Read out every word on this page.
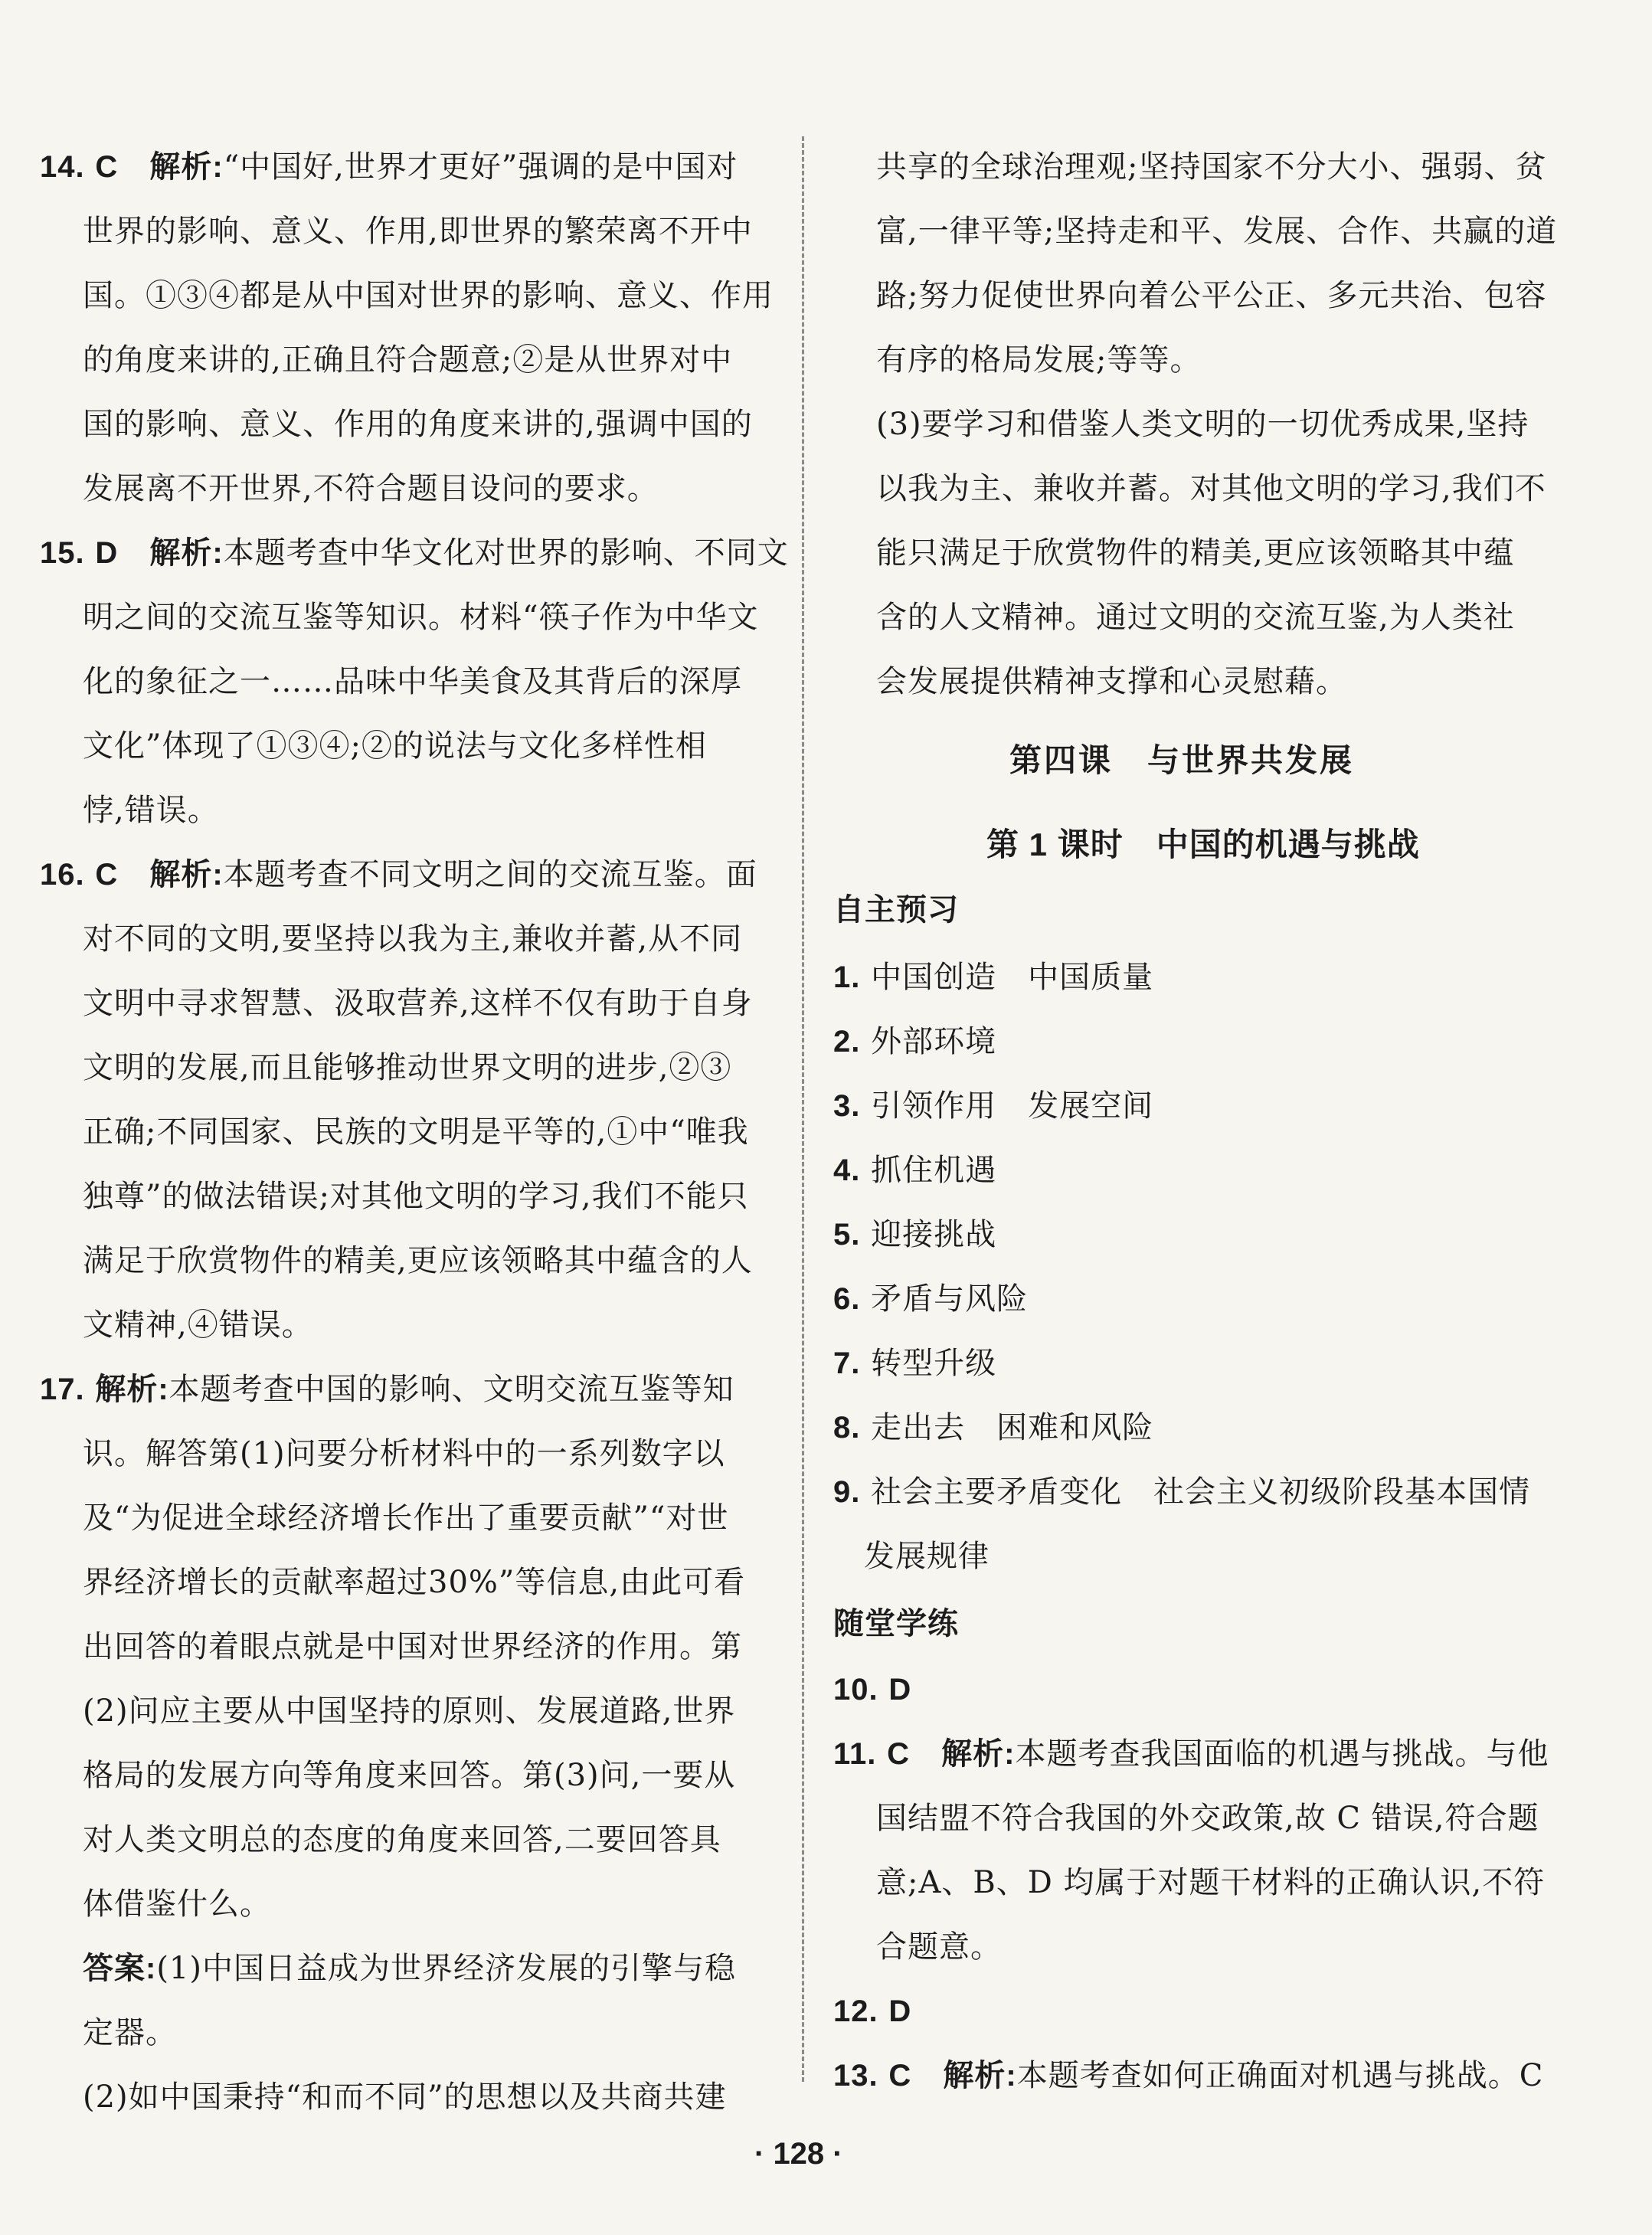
14. C 解析:“中国好,世界才更好”强调的是中国对
世界的影响、意义、作用,即世界的繁荣离不开中
国。①③④都是从中国对世界的影响、意义、作用
的角度来讲的,正确且符合题意;②是从世界对中
国的影响、意义、作用的角度来讲的,强调中国的
发展离不开世界,不符合题目设问的要求。
15. D 解析:本题考查中华文化对世界的影响、不同文
明之间的交流互鉴等知识。材料“筷子作为中华文
化的象征之一……品味中华美食及其背后的深厚
文化”体现了①③④;②的说法与文化多样性相
悖,错误。
16. C 解析:本题考查不同文明之间的交流互鉴。面
对不同的文明,要坚持以我为主,兼收并蓄,从不同
文明中寻求智慧、汲取营养,这样不仅有助于自身
文明的发展,而且能够推动世界文明的进步,②③
正确;不同国家、民族的文明是平等的,①中“唯我
独尊”的做法错误;对其他文明的学习,我们不能只
满足于欣赏物件的精美,更应该领略其中蕴含的人
文精神,④错误。
17. 解析:本题考查中国的影响、文明交流互鉴等知
识。解答第(1)问要分析材料中的一系列数字以
及“为促进全球经济增长作出了重要贡献”“对世
界经济增长的贡献率超过30%”等信息,由此可看
出回答的着眼点就是中国对世界经济的作用。第
(2)问应主要从中国坚持的原则、发展道路,世界
格局的发展方向等角度来回答。第(3)问,一要从
对人类文明总的态度的角度来回答,二要回答具
体借鉴什么。
答案:(1)中国日益成为世界经济发展的引擎与稳
定器。
(2)如中国秉持“和而不同”的思想以及共商共建
共享的全球治理观;坚持国家不分大小、强弱、贫
富,一律平等;坚持走和平、发展、合作、共赢的道
路;努力促使世界向着公平公正、多元共治、包容
有序的格局发展;等等。
(3)要学习和借鉴人类文明的一切优秀成果,坚持
以我为主、兼收并蓄。对其他文明的学习,我们不
能只满足于欣赏物件的精美,更应该领略其中蕴
含的人文精神。通过文明的交流互鉴,为人类社
会发展提供精神支撑和心灵慰藉。
第四课　与世界共发展
第 1 课时　中国的机遇与挑战
自主预习
1. 中国创造　中国质量
2. 外部环境
3. 引领作用　发展空间
4. 抓住机遇
5. 迎接挑战
6. 矛盾与风险
7. 转型升级
8. 走出去　困难和风险
9. 社会主要矛盾变化　社会主义初级阶段基本国情
发展规律
随堂学练
10. D
11. C 解析:本题考查我国面临的机遇与挑战。与他
国结盟不符合我国的外交政策,故 C 错误,符合题
意;A、B、D 均属于对题干材料的正确认识,不符
合题意。
12. D
13. C 解析:本题考查如何正确面对机遇与挑战。C
· 128 ·
